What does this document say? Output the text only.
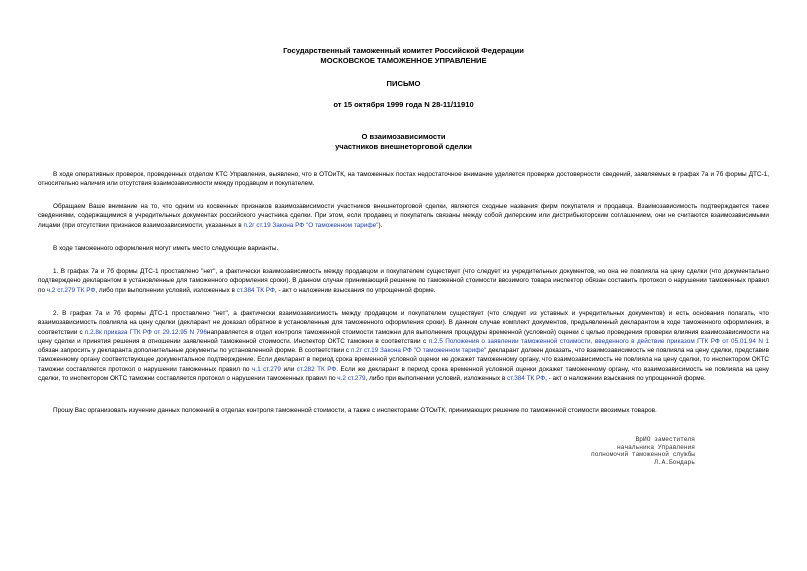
Государственный таможенный комитет Российской Федерации
МОСКОВСКОЕ ТАМОЖЕННОЕ УПРАВЛЕНИЕ
ПИСЬМО
от 15 октября 1999 года N 28-11/11910
О взаимозависимости
участников внешнеторговой сделки

В ходе оперативных проверок, проведенных отделом КТС Управления, выявлено, что в ОТОиТК, на таможенных постах недостаточное внимание уделяется проверке достоверности сведений, заявляемых в графах 7а и 7б формы ДТС-1, относительно наличия или отсутствия взаимозависимости между продавцом и покупателем.

Обращаем Ваше внимание на то, что одним из косвенных признаков взаимозависимости участников внешнеторговой сделки, являются сходные названия фирм покупателя и продавца. Взаимозависимость подтверждается также сведениями, содержащимися в учредительных документах российского участника сделки. При этом, если продавец и покупатель связаны между собой дилерским или дистрибьюторским соглашением, они не считаются взаимозависимыми лицами (при отсутствии признаков взаимозависимости, указанных в п.2г ст.19 Закона РФ "О таможенном тарифе").

В ходе таможенного оформления могут иметь место следующие варианты.

1. В графах 7а и 7б формы ДТС-1 проставлено "нет", а фактически взаимозависимость между продавцом и покупателем существует (что следует из учредительных документов, но она не повлияла на цену сделки (что документально подтверждено декларантом в установленные для таможенного оформления сроки). В данном случае принимающий решение по таможенной стоимости ввозимого товара инспектор обязан составить протокол о нарушении таможенных правил по ч.2 ст.279 ТК РФ, либо при выполнении условий, изложенных в ст.384 ТК РФ, - акт о наложении взыскания по упрощенной форме.

2. В графах 7а и 7б формы ДТС-1 проставлено "нет", а фактически взаимозависимость между продавцом и покупателем существует (что следует из уставных и учредительных документов) и есть основания полагать, что взаимозависимость повлияла на цену сделки (декларант не доказал обратное в установленные для таможенного оформления сроки). В данном случае комплект документов, предъявленный декларантом в ходе таможенного оформления, в соответствии с п.2.8к приказа ГТК РФ от 29.12.95 N 796направляется в отдел контроля таможенной стоимости таможни для выполнения процедуры временной (условной) оценки с целью проведения проверки влияния взаимозависимости на цену сделки и принятия решения в отношении заявленной таможенной стоимости. Инспектор ОКТС таможни в соответствии с п.2.5 Положения о заявлении таможенной стоимости, введенного в действие приказом ГТК РФ от 05.01.94 N 1 обязан запросить у декларанта дополнительные документы по установленной форме. В соответствии с п.2г ст.19 Закона РФ "О таможенном тарифе" декларант должен доказать, что взаимозависимость не повлияла на цену сделки, представив таможенному органу соответствующее документальное подтверждение. Если декларант в период срока временной условной оценки не докажет таможенному органу, что взаимозависимость не повлияла на цену сделки, то инспектором ОКТС таможни составляется протокол о нарушении таможенных правил по ч.1 ст.279 или ст.282 ТК РФ. Если же декларант в период срока временной условной оценки докажет таможенному органу, что взаимозависимость не повлияла на цену сделки, то инспектором ОКТС таможни составляется протокол о нарушении таможенных правил по ч.2 ст.279, либо при выполнении условий, изложенных в ст.384 ТК РФ, - акт о наложении взыскания по упрощенной форме.

Прошу Вас организовать изучение данных положений в отделах контроля таможенной стоимости, а также с инспекторами ОТОиТК, принимающих решение по таможенной стоимости ввозимых товаров.

ВрИО заместителя
начальника Управления
полномочий таможенной службы
Л.А.Бондарь
